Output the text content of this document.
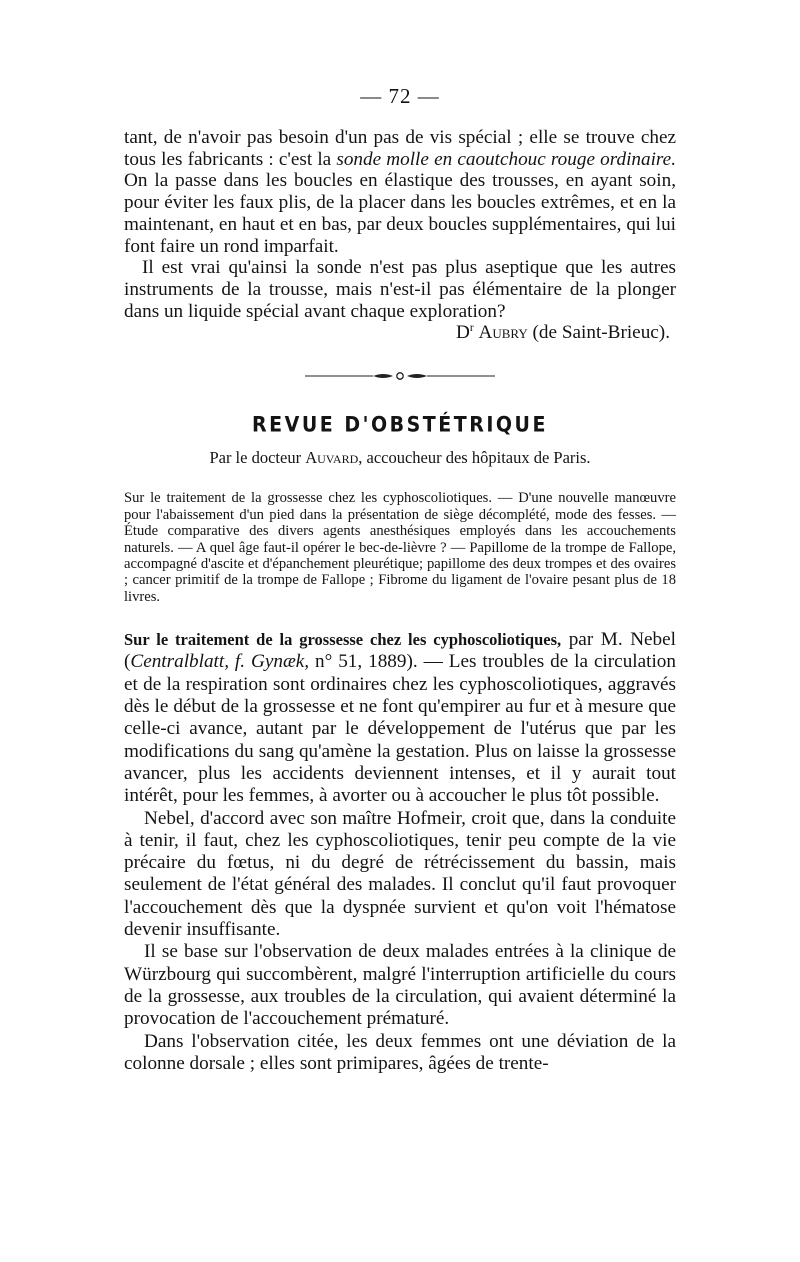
— 72 —

tant, de n'avoir pas besoin d'un pas de vis spécial ; elle se trouve chez tous les fabricants : c'est la sonde molle en caoutchouc rouge ordinaire. On la passe dans les boucles en élastique des trousses, en ayant soin, pour éviter les faux plis, de la placer dans les boucles extrêmes, et en la maintenant, en haut et en bas, par deux boucles supplémentaires, qui lui font faire un rond imparfait.

Il est vrai qu'ainsi la sonde n'est pas plus aseptique que les autres instruments de la trousse, mais n'est-il pas élémentaire de la plonger dans un liquide spécial avant chaque exploration?

$D^r$ Aubry (de Saint-Brieuc).

REVUE D'OBSTÉTRIQUE
Par le docteur Auvard, accoucheur des hôpitaux de Paris.

Sur le traitement de la grossesse chez les cyphoscoliotiques. — D'une nouvelle manœuvre pour l'abaissement d'un pied dans la présentation de siège décomplété, mode des fesses. — Étude comparative des divers agents anesthésiques employés dans les accouchements naturels. — A quel âge faut-il opérer le bec-de-lièvre ? — Papillome de la trompe de Fallope, accompagné d'ascite et d'épanchement pleurétique; papillome des deux trompes et des ovaires ; cancer primitif de la trompe de Fallope ; Fibrome du ligament de l'ovaire pesant plus de 18 livres.

Sur le traitement de la grossesse chez les cyphoscoliotiques, par M. Nebel (Centralblatt, f. Gynæk, n° 51, 1889). — Les troubles de la circulation et de la respiration sont ordinaires chez les cyphoscoliotiques, aggravés dès le début de la grossesse et ne font qu'empirer au fur et à mesure que celle-ci avance, autant par le développement de l'utérus que par les modifications du sang qu'amène la gestation. Plus on laisse la grossesse avancer, plus les accidents deviennent intenses, et il y aurait tout intérêt, pour les femmes, à avorter ou à accoucher le plus tôt possible.

Nebel, d'accord avec son maître Hofmeir, croit que, dans la conduite à tenir, il faut, chez les cyphoscoliotiques, tenir peu compte de la vie précaire du fœtus, ni du degré de rétrécissement du bassin, mais seulement de l'état général des malades. Il conclut qu'il faut provoquer l'accouchement dès que la dyspnée survient et qu'on voit l'hématose devenir insuffisante.

Il se base sur l'observation de deux malades entrées à la clinique de Würzbourg qui succombèrent, malgré l'interruption artificielle du cours de la grossesse, aux troubles de la circulation, qui avaient déterminé la provocation de l'accouchement prématuré.

Dans l'observation citée, les deux femmes ont une déviation de la colonne dorsale ; elles sont primipares, âgées de trente-
